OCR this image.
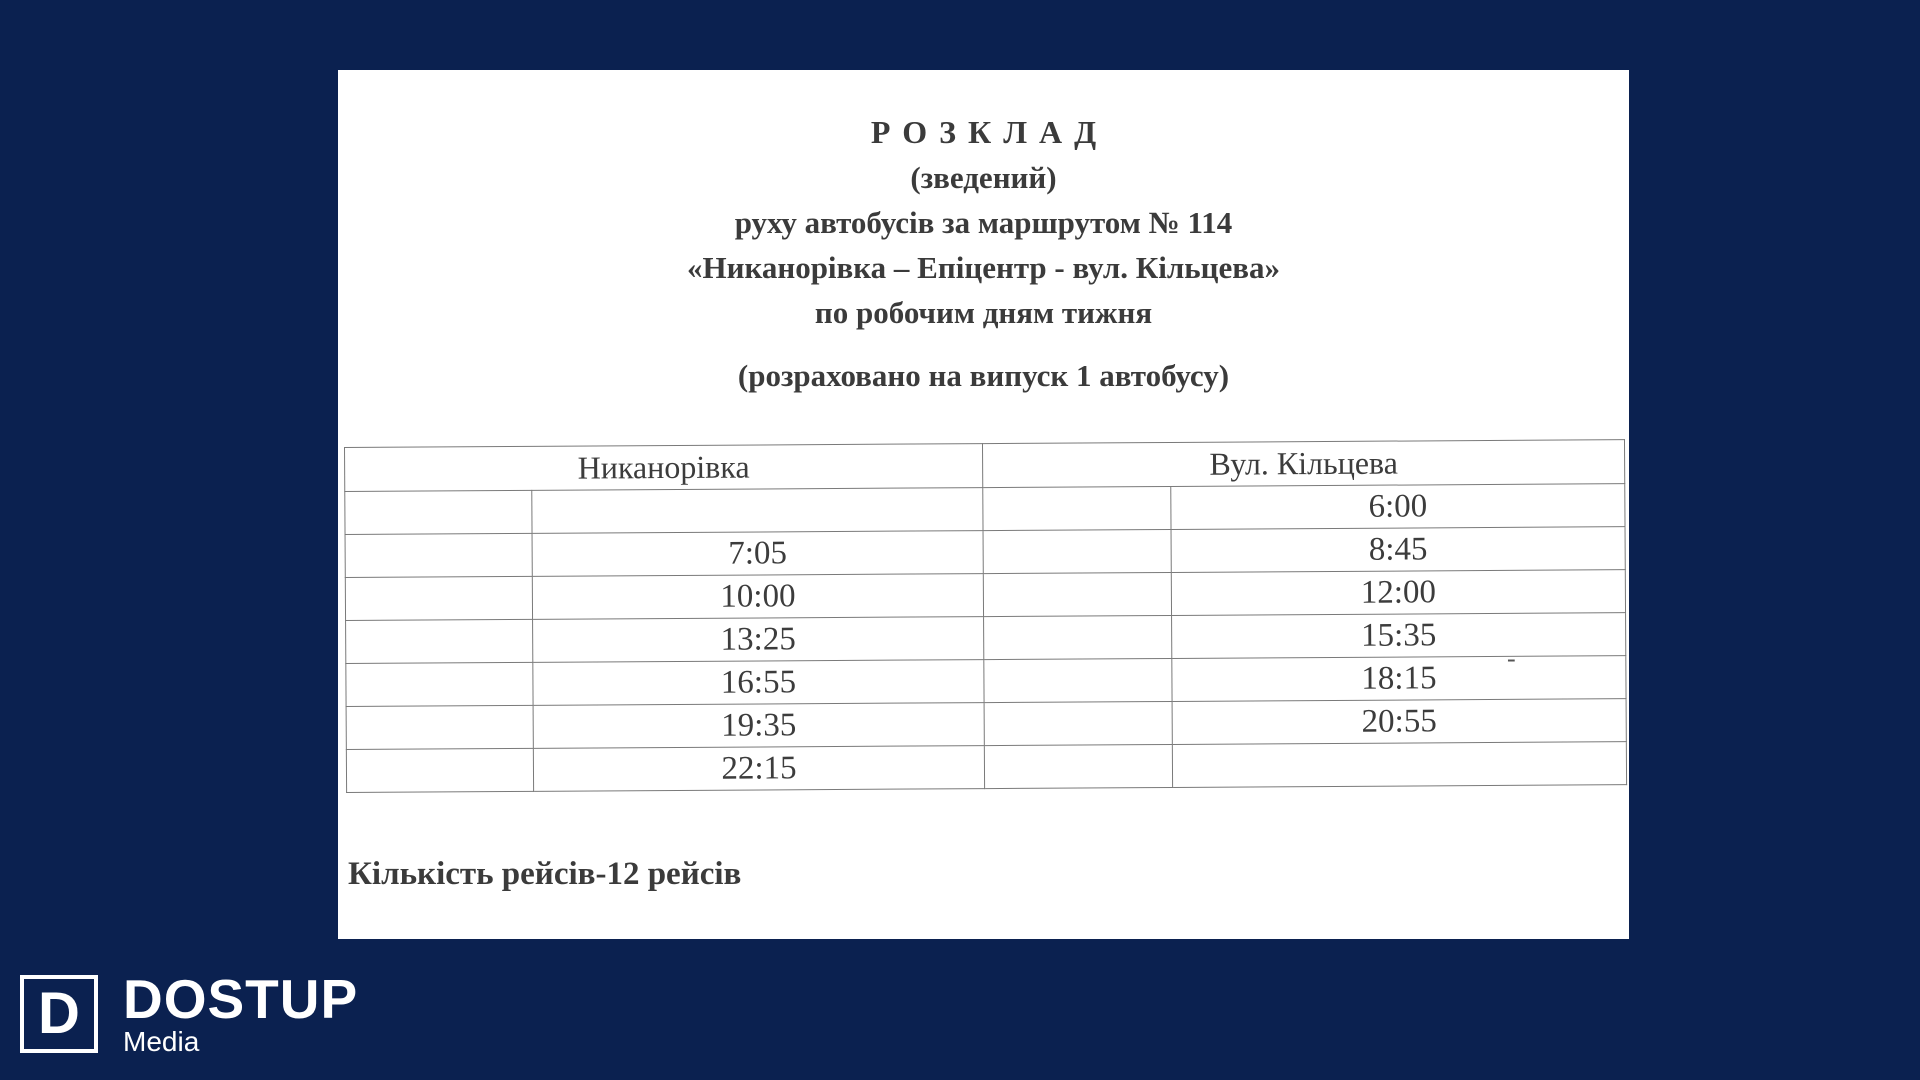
РОЗКЛАД
(зведений)
руху автобусів за маршрутом № 114
«Никанорівка – Епіцентр - вул. Кільцева»
по робочим дням тижня
(розраховано на випуск 1 автобусу)
Никанорівка		Вул. Кільцева	
			6:00
	7:05		8:45
	10:00		12:00
	13:25		15:35
	16:55		18:15
	19:35		20:55
	22:15		
-
Кількість рейсів-12 рейсів
D DOSTUP
Media
